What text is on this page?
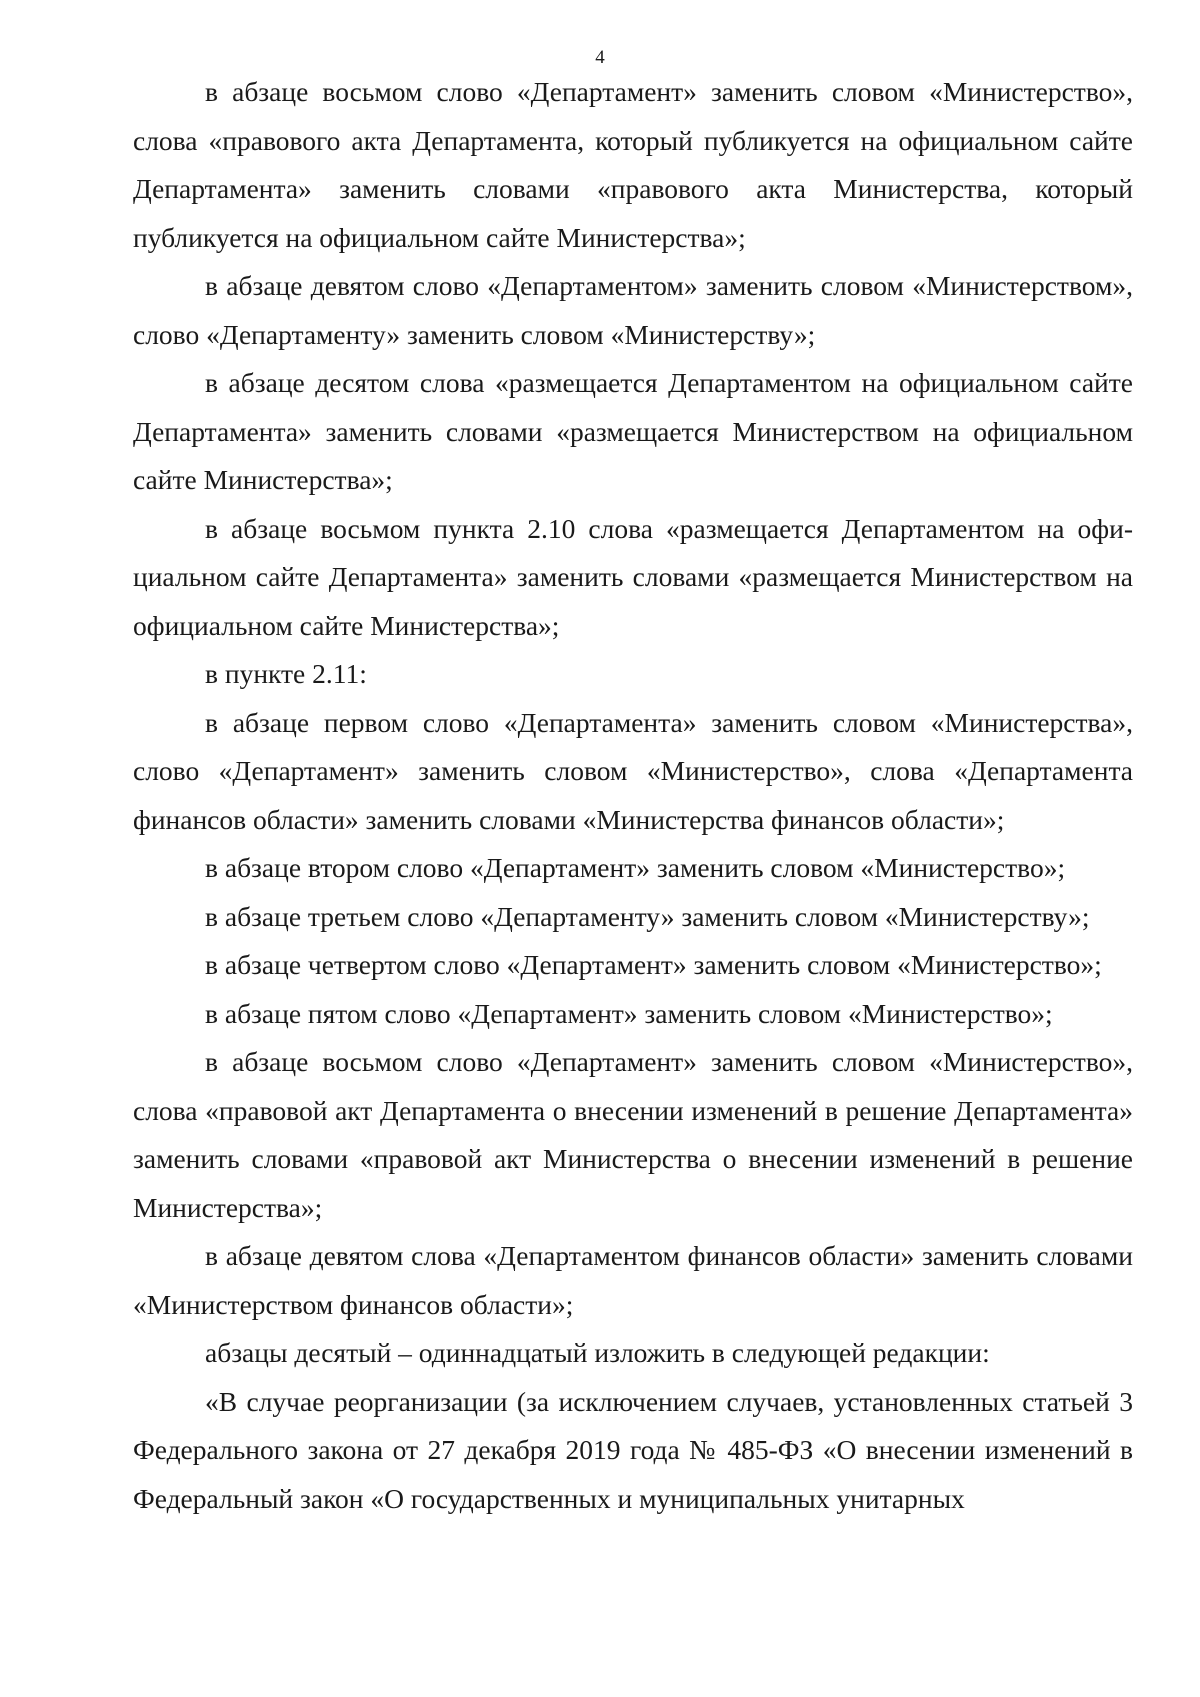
4

в абзаце восьмом слово «Департамент» заменить словом «Министерство», слова «правового акта Департамента, который публикуется на официальном сайте Департамента» заменить словами «правового акта Министерства, который публикуется на официальном сайте Министерства»;

в абзаце девятом слово «Департаментом» заменить словом «Министерством», слово «Департаменту» заменить словом «Министерству»;

в абзаце десятом слова «размещается Департаментом на официальном сайте Департамента» заменить словами «размещается Министерством на официальном сайте Министерства»;

в абзаце восьмом пункта 2.10 слова «размещается Департаментом на официальном сайте Департамента» заменить словами «размещается Министерством на официальном сайте Министерства»;

в пункте 2.11:

в абзаце первом слово «Департамента» заменить словом «Министерства», слово «Департамент» заменить словом «Министерство», слова «Департамента финансов области» заменить словами «Министерства финансов области»;

в абзаце втором слово «Департамент» заменить словом «Министерство»;

в абзаце третьем слово «Департаменту» заменить словом «Министерству»;

в абзаце четвертом слово «Департамент» заменить словом «Министерство»;

в абзаце пятом слово «Департамент» заменить словом «Министерство»;

в абзаце восьмом слово «Департамент» заменить словом «Министерство», слова «правовой акт Департамента о внесении изменений в решение Департамента» заменить словами «правовой акт Министерства о внесении изменений в решение Министерства»;

в абзаце девятом слова «Департаментом финансов области» заменить словами «Министерством финансов области»;

абзацы десятый – одиннадцатый изложить в следующей редакции:

«В случае реорганизации (за исключением случаев, установленных статьей 3 Федерального закона от 27 декабря 2019 года № 485-ФЗ «О внесении изменений в Федеральный закон «О государственных и муниципальных унитарных
